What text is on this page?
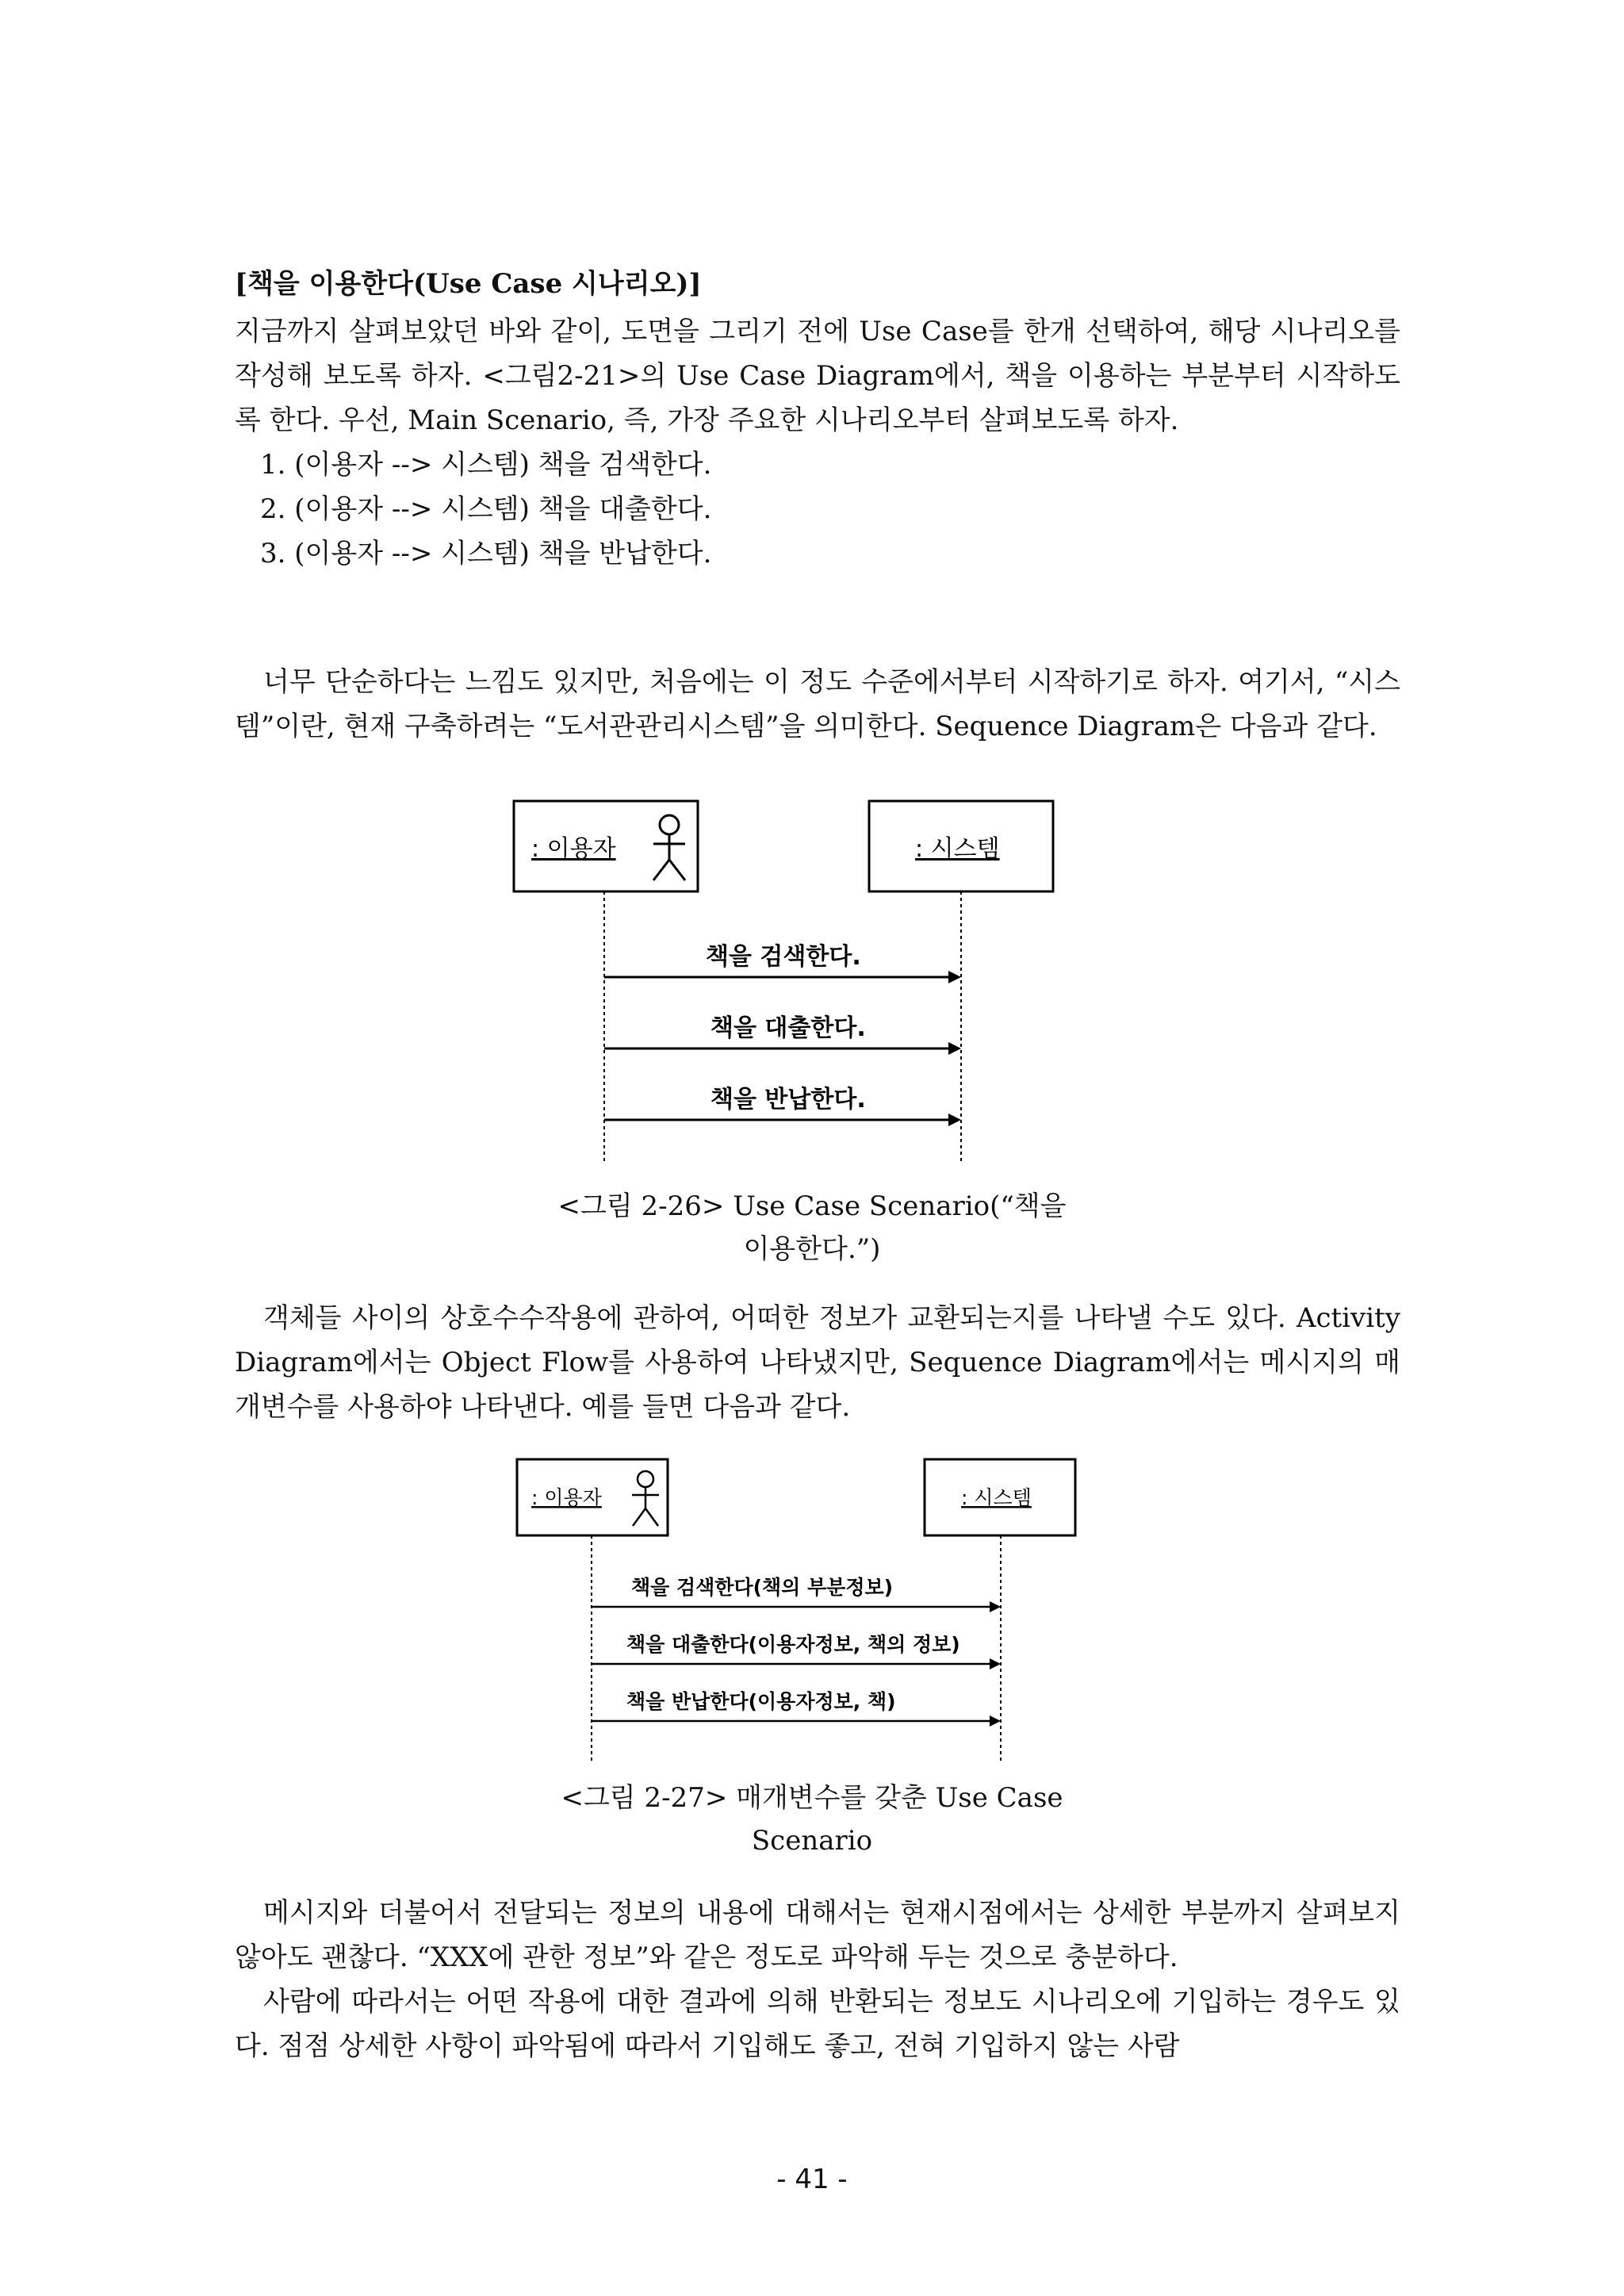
[책을 이용한다(Use Case 시나리오)]

지금까지 살펴보았던 바와 같이, 도면을 그리기 전에 Use Case를 한개 선택하여, 해당 시나리오를 작성해 보도록 하자. <그림2-21>의 Use Case Diagram에서, 책을 이용하는 부분부터 시작하도록 한다. 우선, Main Scenario, 즉, 가장 주요한 시나리오부터 살펴보도록 하자.

1. (이용자 --> 시스템) 책을 검색한다.
2. (이용자 --> 시스템) 책을 대출한다.
3. (이용자 --> 시스템) 책을 반납한다.

너무 단순하다는 느낌도 있지만, 처음에는 이 정도 수준에서부터 시작하기로 하자. 여기서, “시스템”이란, 현재 구축하려는 “도서관관리시스템”을 의미한다. Sequence Diagram은 다음과 같다.

: 이용자	: 시스템
책을 검색한다.
책을 대출한다.
책을 반납한다.
<그림 2-26> Use Case Scenario(“책을
이용한다.”)

객체들 사이의 상호수수작용에 관하여, 어떠한 정보가 교환되는지를 나타낼 수도 있다. Activity Diagram에서는 Object Flow를 사용하여 나타냈지만, Sequence Diagram에서는 메시지의 매개변수를 사용하야 나타낸다. 예를 들면 다음과 같다.

: 이용자	: 시스템
책을 검색한다(책의 부분정보)
책을 대출한다(이용자정보, 책의 정보)
책을 반납한다(이용자정보, 책)
<그림 2-27> 매개변수를 갖춘 Use Case
Scenario

메시지와 더불어서 전달되는 정보의 내용에 대해서는 현재시점에서는 상세한 부분까지 살펴보지 않아도 괜찮다. “XXX에 관한 정보”와 같은 정도로 파악해 두는 것으로 충분하다.

사람에 따라서는 어떤 작용에 대한 결과에 의해 반환되는 정보도 시나리오에 기입하는 경우도 있다. 점점 상세한 사항이 파악됨에 따라서 기입해도 좋고, 전혀 기입하지 않는 사람

- 41 -
